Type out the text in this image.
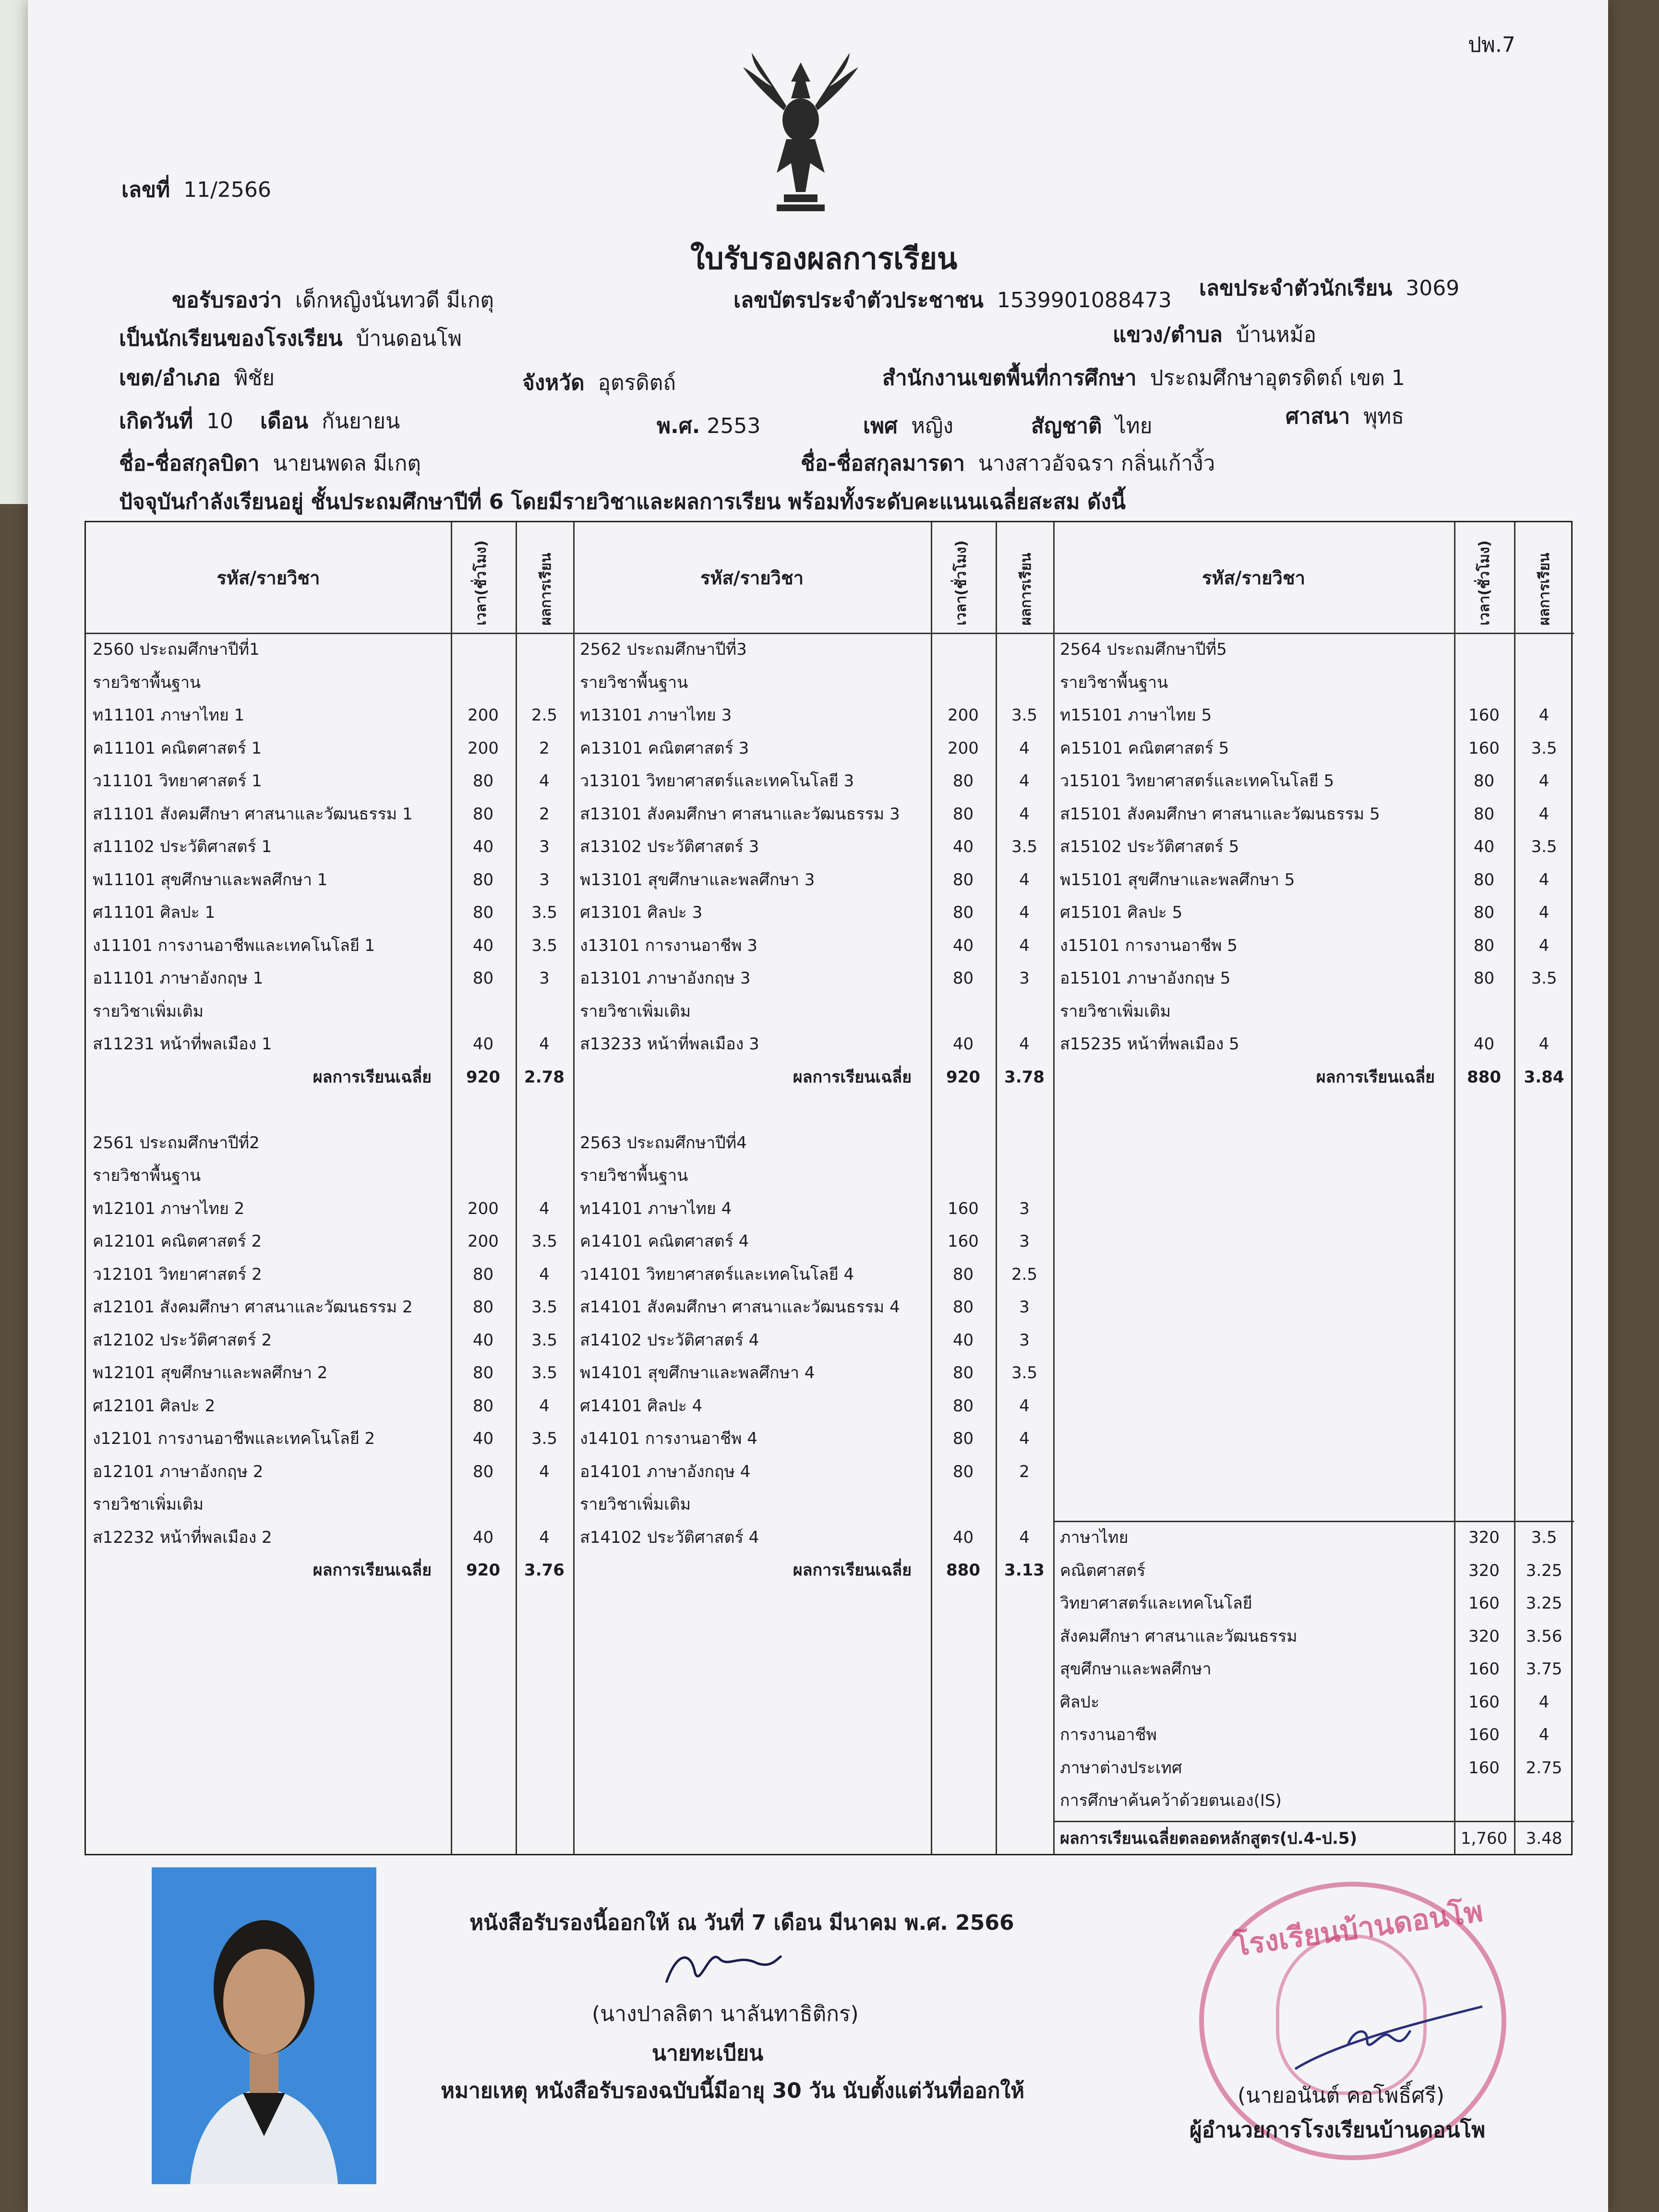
ปพ.7
เลขที่ 11/2566
ใบรับรองผลการเรียน
ขอรับรองว่า เด็กหญิงนันทวดี มีเกตุ	เลขบัตรประจำตัวประชาชน 1539901088473 เลขประจำตัวนักเรียน 3069
เป็นนักเรียนของโรงเรียน บ้านดอนโพ	แขวง/ตำบล บ้านหม้อ
เขต/อำเภอ พิชัย	จังหวัด อุตรดิตถ์	สำนักงานเขตพื้นที่การศึกษา ประถมศึกษาอุตรดิตถ์ เขต 1
เกิดวันที่ 10 เดือน กันยายน	พ.ศ. 2553	เพศ หญิง	สัญชาติ ไทย	ศาสนา พุทธ
ชื่อ-ชื่อสกุลบิดา นายนพดล มีเกตุ	ชื่อ-ชื่อสกุลมารดา นางสาวอัจฉรา กลิ่นเก้างิ้ว
ปัจจุบันกำลังเรียนอยู่ ชั้นประถมศึกษาปีที่ 6 โดยมีรายวิชาและผลการเรียน พร้อมทั้งระดับคะแนนเฉลี่ยสะสม ดังนี้
รหัส/รายวิชา	เวลา(ชั่วโมง)	ผลการเรียน	รหัส/รายวิชา	เวลา(ชั่วโมง)	ผลการเรียน	รหัส/รายวิชา	เวลา(ชั่วโมง)	ผลการเรียน
2560 ประถมศึกษาปีที่1
รายวิชาพื้นฐาน
ท11101 ภาษาไทย 1	200	2.5
ค11101 คณิตศาสตร์ 1	200	2
ว11101 วิทยาศาสตร์ 1	80	4
ส11101 สังคมศึกษา ศาสนาและวัฒนธรรม 1	80	2
ส11102 ประวัติศาสตร์ 1	40	3
พ11101 สุขศึกษาและพลศึกษา 1	80	3
ศ11101 ศิลปะ 1	80	3.5
ง11101 การงานอาชีพและเทคโนโลยี 1	40	3.5
อ11101 ภาษาอังกฤษ 1	80	3
รายวิชาเพิ่มเติม
ส11231 หน้าที่พลเมือง 1	40	4
ผลการเรียนเฉลี่ย	920	2.78
2561 ประถมศึกษาปีที่2
รายวิชาพื้นฐาน
ท12101 ภาษาไทย 2	200	4
ค12101 คณิตศาสตร์ 2	200	3.5
ว12101 วิทยาศาสตร์ 2	80	4
ส12101 สังคมศึกษา ศาสนาและวัฒนธรรม 2	80	3.5
ส12102 ประวัติศาสตร์ 2	40	3.5
พ12101 สุขศึกษาและพลศึกษา 2	80	3.5
ศ12101 ศิลปะ 2	80	4
ง12101 การงานอาชีพและเทคโนโลยี 2	40	3.5
อ12101 ภาษาอังกฤษ 2	80	4
รายวิชาเพิ่มเติม
ส12232 หน้าที่พลเมือง 2	40	4
ผลการเรียนเฉลี่ย	920	3.76
2562 ประถมศึกษาปีที่3
รายวิชาพื้นฐาน
ท13101 ภาษาไทย 3	200	3.5
ค13101 คณิตศาสตร์ 3	200	4
ว13101 วิทยาศาสตร์และเทคโนโลยี 3	80	4
ส13101 สังคมศึกษา ศาสนาและวัฒนธรรม 3	80	4
ส13102 ประวัติศาสตร์ 3	40	3.5
พ13101 สุขศึกษาและพลศึกษา 3	80	4
ศ13101 ศิลปะ 3	80	4
ง13101 การงานอาชีพ 3	40	4
อ13101 ภาษาอังกฤษ 3	80	3
รายวิชาเพิ่มเติม
ส13233 หน้าที่พลเมือง 3	40	4
ผลการเรียนเฉลี่ย	920	3.78
2563 ประถมศึกษาปีที่4
รายวิชาพื้นฐาน
ท14101 ภาษาไทย 4	160	3
ค14101 คณิตศาสตร์ 4	160	3
ว14101 วิทยาศาสตร์และเทคโนโลยี 4	80	2.5
ส14101 สังคมศึกษา ศาสนาและวัฒนธรรม 4	80	3
ส14102 ประวัติศาสตร์ 4	40	3
พ14101 สุขศึกษาและพลศึกษา 4	80	3.5
ศ14101 ศิลปะ 4	80	4
ง14101 การงานอาชีพ 4	80	4
อ14101 ภาษาอังกฤษ 4	80	2
รายวิชาเพิ่มเติม
ส14102 ประวัติศาสตร์ 4	40	4
ผลการเรียนเฉลี่ย	880	3.13
2564 ประถมศึกษาปีที่5
รายวิชาพื้นฐาน
ท15101 ภาษาไทย 5	160	4
ค15101 คณิตศาสตร์ 5	160	3.5
ว15101 วิทยาศาสตร์และเทคโนโลยี 5	80	4
ส15101 สังคมศึกษา ศาสนาและวัฒนธรรม 5	80	4
ส15102 ประวัติศาสตร์ 5	40	3.5
พ15101 สุขศึกษาและพลศึกษา 5	80	4
ศ15101 ศิลปะ 5	80	4
ง15101 การงานอาชีพ 5	80	4
อ15101 ภาษาอังกฤษ 5	80	3.5
รายวิชาเพิ่มเติม
ส15235 หน้าที่พลเมือง 5	40	4
ผลการเรียนเฉลี่ย	880	3.84
ภาษาไทย	320	3.5
คณิตศาสตร์	320	3.25
วิทยาศาสตร์และเทคโนโลยี	160	3.25
สังคมศึกษา ศาสนาและวัฒนธรรม	320	3.56
สุขศึกษาและพลศึกษา	160	3.75
ศิลปะ	160	4
การงานอาชีพ	160	4
ภาษาต่างประเทศ	160	2.75
การศึกษาค้นคว้าด้วยตนเอง(IS)
ผลการเรียนเฉลี่ยตลอดหลักสูตร(ป.4-ป.5)	1,760	3.48
หนังสือรับรองนี้ออกให้ ณ วันที่ 7 เดือน มีนาคม พ.ศ. 2566
(นางปาลลิตา นาลันทาธิติกร)
นายทะเบียน
หมายเหตุ หนังสือรับรองฉบับนี้มีอายุ 30 วัน นับตั้งแต่วันที่ออกให้
โรงเรียนบ้านดอนโพ
(นายอนันต์ คอโพธิ์ศรี)
ผู้อำนวยการโรงเรียนบ้านดอนโพ
